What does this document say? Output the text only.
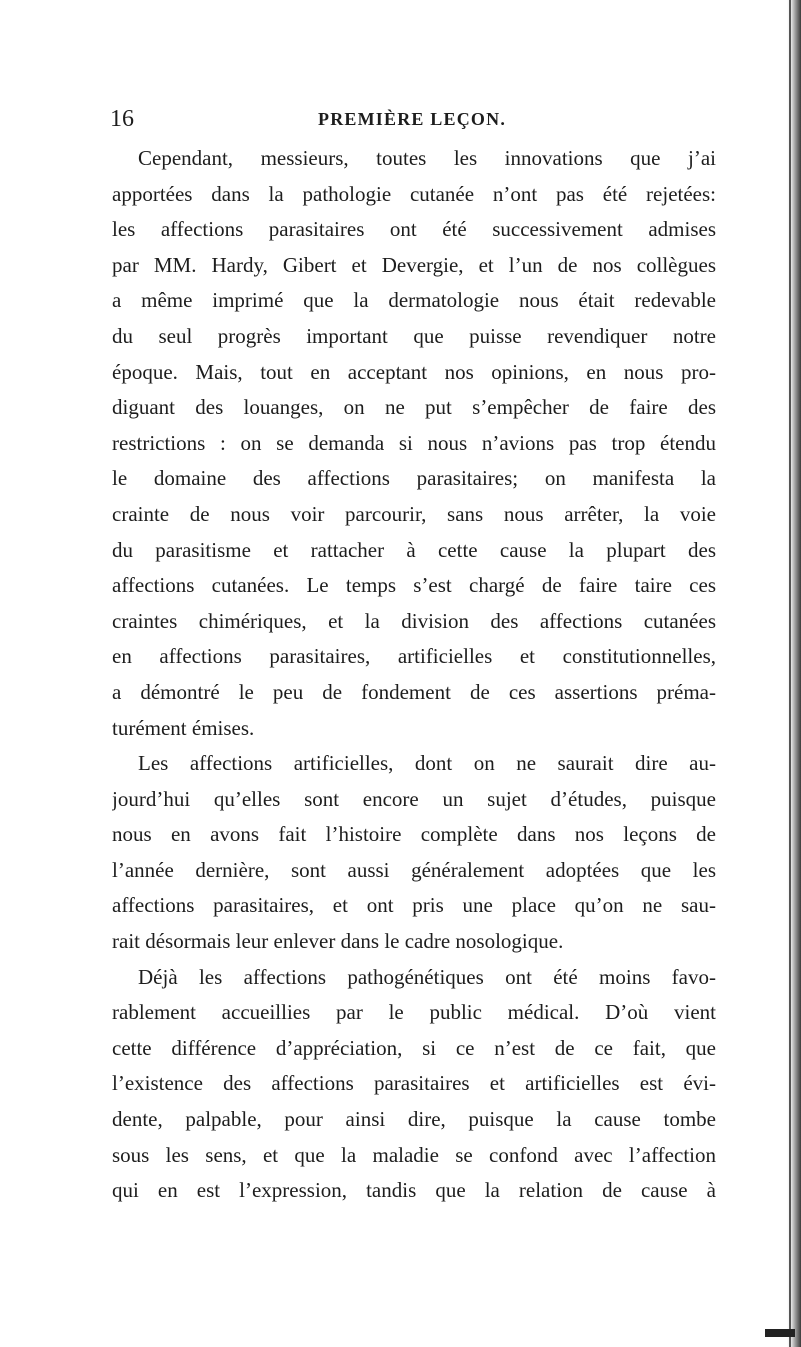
16	PREMIÈRE LEÇON.
Cependant, messieurs, toutes les innovations que j’ai
apportées dans la pathologie cutanée n’ont pas été rejetées:
les affections parasitaires ont été successivement admises
par MM. Hardy, Gibert et Devergie, et l’un de nos collègues
a même imprimé que la dermatologie nous était redevable
du seul progrès important que puisse revendiquer notre
époque. Mais, tout en acceptant nos opinions, en nous pro-
diguant des louanges, on ne put s’empêcher de faire des
restrictions : on se demanda si nous n’avions pas trop étendu
le domaine des affections parasitaires; on manifesta la
crainte de nous voir parcourir, sans nous arrêter, la voie
du parasitisme et rattacher à cette cause la plupart des
affections cutanées. Le temps s’est chargé de faire taire ces
craintes chimériques, et la division des affections cutanées
en affections parasitaires, artificielles et constitutionnelles,
a démontré le peu de fondement de ces assertions préma-
turément émises.
Les affections artificielles, dont on ne saurait dire au-
jourd’hui qu’elles sont encore un sujet d’études, puisque
nous en avons fait l’histoire complète dans nos leçons de
l’année dernière, sont aussi généralement adoptées que les
affections parasitaires, et ont pris une place qu’on ne sau-
rait désormais leur enlever dans le cadre nosologique.
Déjà les affections pathogénétiques ont été moins favo-
rablement accueillies par le public médical. D’où vient
cette différence d’appréciation, si ce n’est de ce fait, que
l’existence des affections parasitaires et artificielles est évi-
dente, palpable, pour ainsi dire, puisque la cause tombe
sous les sens, et que la maladie se confond avec l’affection
qui en est l’expression, tandis que la relation de cause à
